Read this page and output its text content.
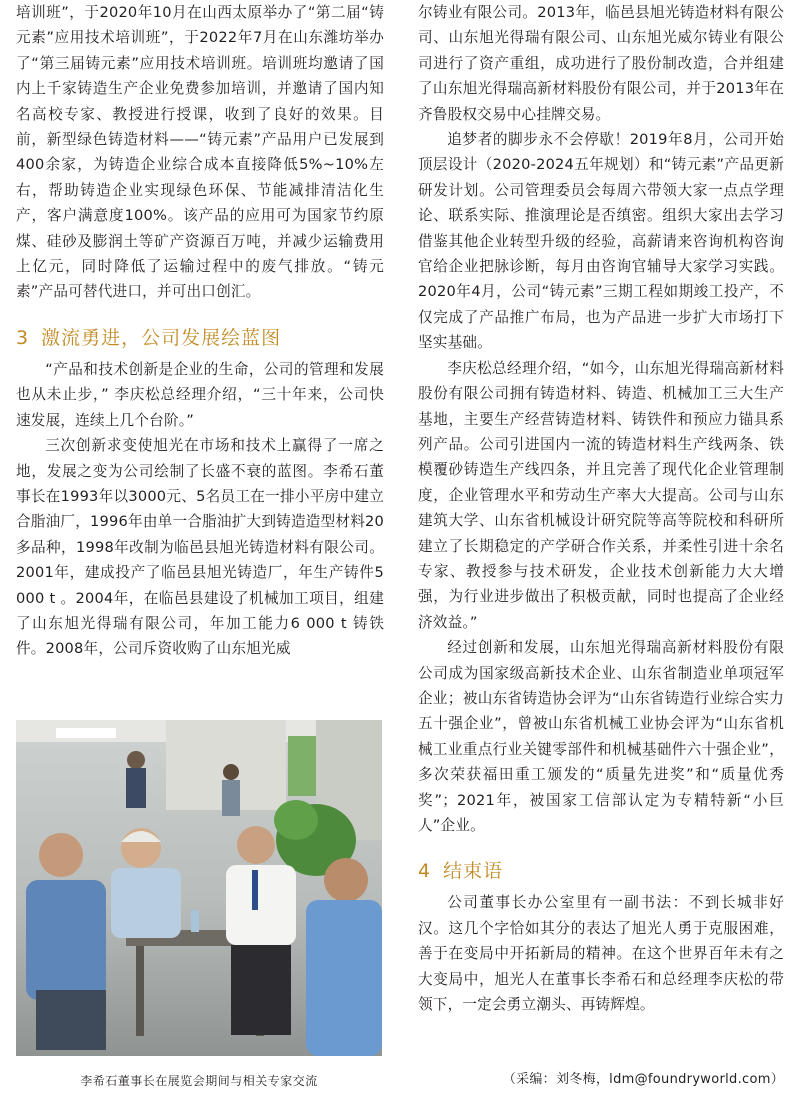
培训班”，于2020年10月在山西太原举办了“第二届“铸元素”应用技术培训班”，于2022年7月在山东潍坊举办了“第三届铸元素”应用技术培训班。培训班均邀请了国内上千家铸造生产企业免费参加培训，并邀请了国内知名高校专家、教授进行授课，收到了良好的效果。目前，新型绿色铸造材料——“铸元素”产品用户已发展到400余家，为铸造企业综合成本直接降低5%~10%左右，帮助铸造企业实现绿色环保、节能减排清洁化生产，客户满意度100%。该产品的应用可为国家节约原煤、硅砂及膨润土等矿产资源百万吨，并减少运输费用上亿元，同时降低了运输过程中的废气排放。“铸元素”产品可替代进口，并可出口创汇。

3 激流勇进，公司发展绘蓝图

“产品和技术创新是企业的生命，公司的管理和发展也从未止步，” 李庆松总经理介绍，“三十年来，公司快速发展，连续上几个台阶。”

三次创新求变使旭光在市场和技术上赢得了一席之地，发展之变为公司绘制了长盛不衰的蓝图。李希石董事长在1993年以3000元、5名员工在一排小平房中建立合脂油厂，1996年由单一合脂油扩大到铸造造型材料20多品种，1998年改制为临邑县旭光铸造材料有限公司。2001年，建成投产了临邑县旭光铸造厂，年生产铸件5 000 t 。2004年，在临邑县建设了机械加工项目，组建了山东旭光得瑞有限公司，年加工能力6 000 t 铸铁件。2008年，公司斥资收购了山东旭光威

李希石董事长在展览会期间与相关专家交流

尔铸业有限公司。2013年，临邑县旭光铸造材料有限公司、山东旭光得瑞有限公司、山东旭光威尔铸业有限公司进行了资产重组，成功进行了股份制改造，合并组建了山东旭光得瑞高新材料股份有限公司，并于2013年在齐鲁股权交易中心挂牌交易。

追梦者的脚步永不会停歇！2019年8月，公司开始顶层设计（2020-2024五年规划）和“铸元素”产品更新研发计划。公司管理委员会每周六带领大家一点点学理论、联系实际、推演理论是否缜密。组织大家出去学习借鉴其他企业转型升级的经验，高薪请来咨询机构咨询官给企业把脉诊断，每月由咨询官辅导大家学习实践。2020年4月，公司“铸元素”三期工程如期竣工投产，不仅完成了产品推广布局，也为产品进一步扩大市场打下坚实基础。

李庆松总经理介绍，“如今，山东旭光得瑞高新材料股份有限公司拥有铸造材料、铸造、机械加工三大生产基地，主要生产经营铸造材料、铸铁件和预应力锚具系列产品。公司引进国内一流的铸造材料生产线两条、铁模覆砂铸造生产线四条，并且完善了现代化企业管理制度，企业管理水平和劳动生产率大大提高。公司与山东建筑大学、山东省机械设计研究院等高等院校和科研所建立了长期稳定的产学研合作关系，并柔性引进十余名专家、教授参与技术研发，企业技术创新能力大大增强，为行业进步做出了积极贡献，同时也提高了企业经济效益。”

经过创新和发展，山东旭光得瑞高新材料股份有限公司成为国家级高新技术企业、山东省制造业单项冠军企业；被山东省铸造协会评为“山东省铸造行业综合实力五十强企业”，曾被山东省机械工业协会评为“山东省机械工业重点行业关键零部件和机械基础件六十强企业”，多次荣获福田重工颁发的“质量先进奖”和“质量优秀奖”；2021年，被国家工信部认定为专精特新“小巨人”企业。

4 结束语

公司董事长办公室里有一副书法：不到长城非好汉。这几个字恰如其分的表达了旭光人勇于克服困难，善于在变局中开拓新局的精神。在这个世界百年未有之大变局中，旭光人在董事长李希石和总经理李庆松的带领下，一定会勇立潮头、再铸辉煌。

（采编：刘冬梅，ldm@foundryworld.com）
